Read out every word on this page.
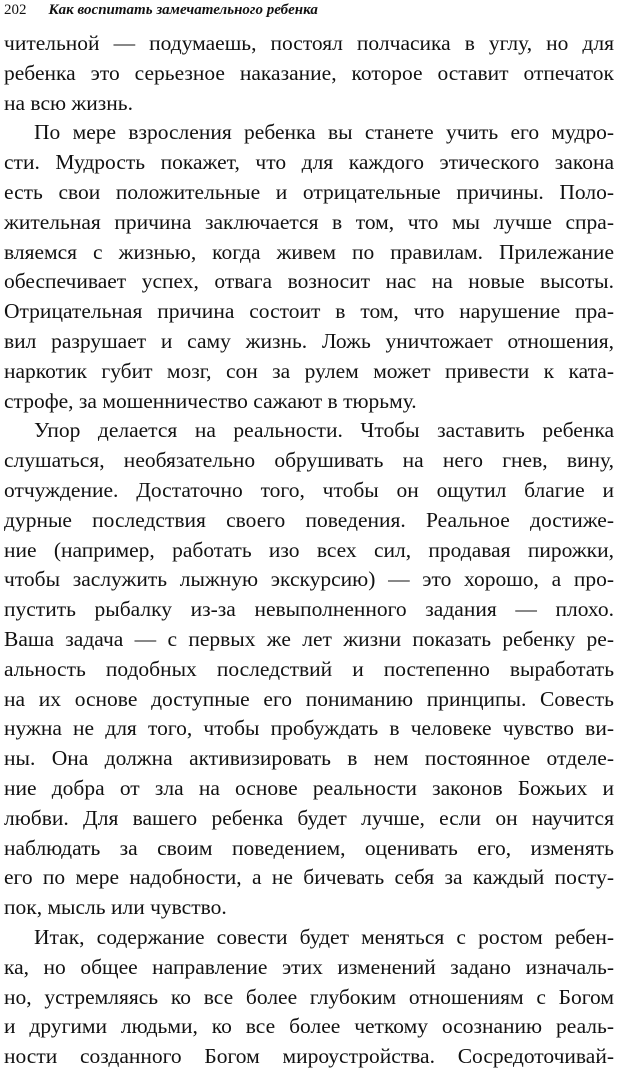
202 Как воспитать замечательного ребенка
чительной — подумаешь, постоял полчасика в углу, но для
ребенка это серьезное наказание, которое оставит отпечаток
на всю жизнь.
По мере взросления ребенка вы станете учить его мудро-
сти. Мудрость покажет, что для каждого этического закона
есть свои положительные и отрицательные причины. Поло-
жительная причина заключается в том, что мы лучше спра-
вляемся с жизнью, когда живем по правилам. Прилежание
обеспечивает успех, отвага возносит нас на новые высоты.
Отрицательная причина состоит в том, что нарушение пра-
вил разрушает и саму жизнь. Ложь уничтожает отношения,
наркотик губит мозг, сон за рулем может привести к ката-
строфе, за мошенничество сажают в тюрьму.
Упор делается на реальности. Чтобы заставить ребенка
слушаться, необязательно обрушивать на него гнев, вину,
отчуждение. Достаточно того, чтобы он ощутил благие и
дурные последствия своего поведения. Реальное достиже-
ние (например, работать изо всех сил, продавая пирожки,
чтобы заслужить лыжную экскурсию) — это хорошо, а про-
пустить рыбалку из-за невыполненного задания — плохо.
Ваша задача — с первых же лет жизни показать ребенку ре-
альность подобных последствий и постепенно выработать
на их основе доступные его пониманию принципы. Совесть
нужна не для того, чтобы пробуждать в человеке чувство ви-
ны. Она должна активизировать в нем постоянное отделе-
ние добра от зла на основе реальности законов Божьих и
любви. Для вашего ребенка будет лучше, если он научится
наблюдать за своим поведением, оценивать его, изменять
его по мере надобности, а не бичевать себя за каждый посту-
пок, мысль или чувство.
Итак, содержание совести будет меняться с ростом ребен-
ка, но общее направление этих изменений задано изначаль-
но, устремляясь ко все более глубоким отношениям с Богом
и другими людьми, ко все более четкому осознанию реаль-
ности созданного Богом мироустройства. Сосредоточивай-
